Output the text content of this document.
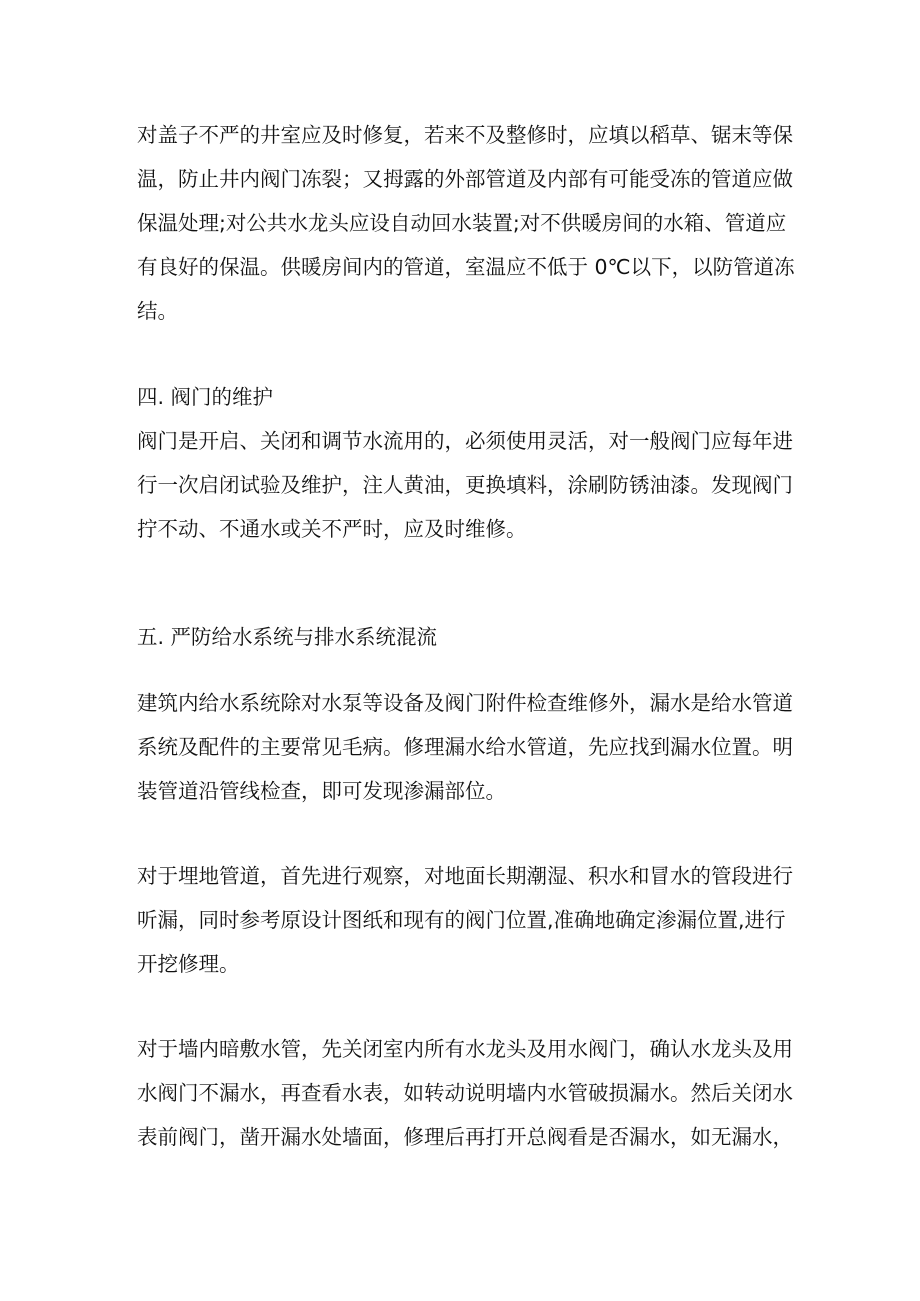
对盖子不严的井室应及时修复，若来不及整修时，应填以稻草、锯末等保
温，防止井内阀门冻裂；又拇露的外部管道及内部有可能受冻的管道应做
保温处理;对公共水龙头应设自动回水装置;对不供暖房间的水箱、管道应
有良好的保温。供暖房间内的管道，室温应不低于 0℃以下，以防管道冻
结。
四. 阀门的维护
阀门是开启、关闭和调节水流用的，必须使用灵活，对一般阀门应每年进
行一次启闭试验及维护，注人黄油，更换填料，涂刷防锈油漆。发现阀门
拧不动、不通水或关不严时，应及时维修。
五. 严防给水系统与排水系统混流
建筑内给水系统除对水泵等设备及阀门附件检查维修外，漏水是给水管道
系统及配件的主要常见毛病。修理漏水给水管道，先应找到漏水位置。明
装管道沿管线检查，即可发现渗漏部位。
对于埋地管道，首先进行观察，对地面长期潮湿、积水和冒水的管段进行
听漏，同时参考原设计图纸和现有的阀门位置,准确地确定渗漏位置,进行
开挖修理。
对于墙内暗敷水管，先关闭室内所有水龙头及用水阀门，确认水龙头及用
水阀门不漏水，再查看水表，如转动说明墙内水管破损漏水。然后关闭水
表前阀门，凿开漏水处墙面，修理后再打开总阀看是否漏水，如无漏水，
